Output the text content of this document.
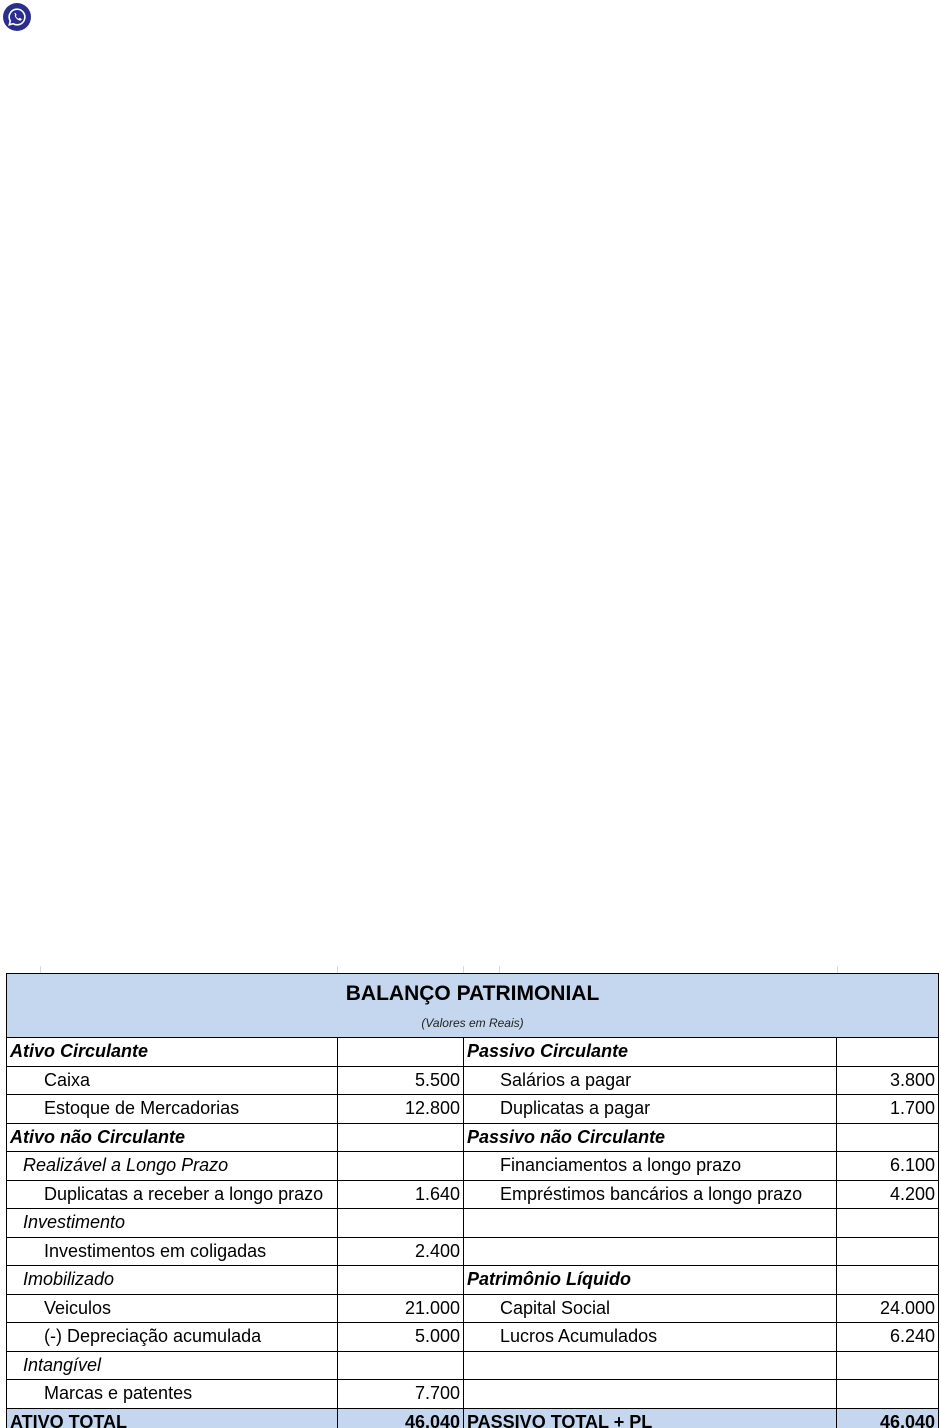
BALANÇO PATRIMONIAL
(Valores em Reais)			

Ativo Circulante		Passivo Circulante	
Caixa	5.500	Salários a pagar	3.800
Estoque de Mercadorias	12.800	Duplicatas a pagar	1.700
Ativo não Circulante		Passivo não Circulante	
Realizável a Longo Prazo		Financiamentos a longo prazo	6.100
Duplicatas a receber a longo prazo	1.640	Empréstimos bancários a longo prazo	4.200
Investimento			
Investimentos em coligadas	2.400		
Imobilizado		Patrimônio Líquido	
Veiculos	21.000	Capital Social	24.000
(-) Depreciação acumulada	5.000	Lucros Acumulados	6.240
Intangível			
Marcas e patentes	7.700		
ATIVO TOTAL	46.040	PASSIVO TOTAL + PL	46.040
